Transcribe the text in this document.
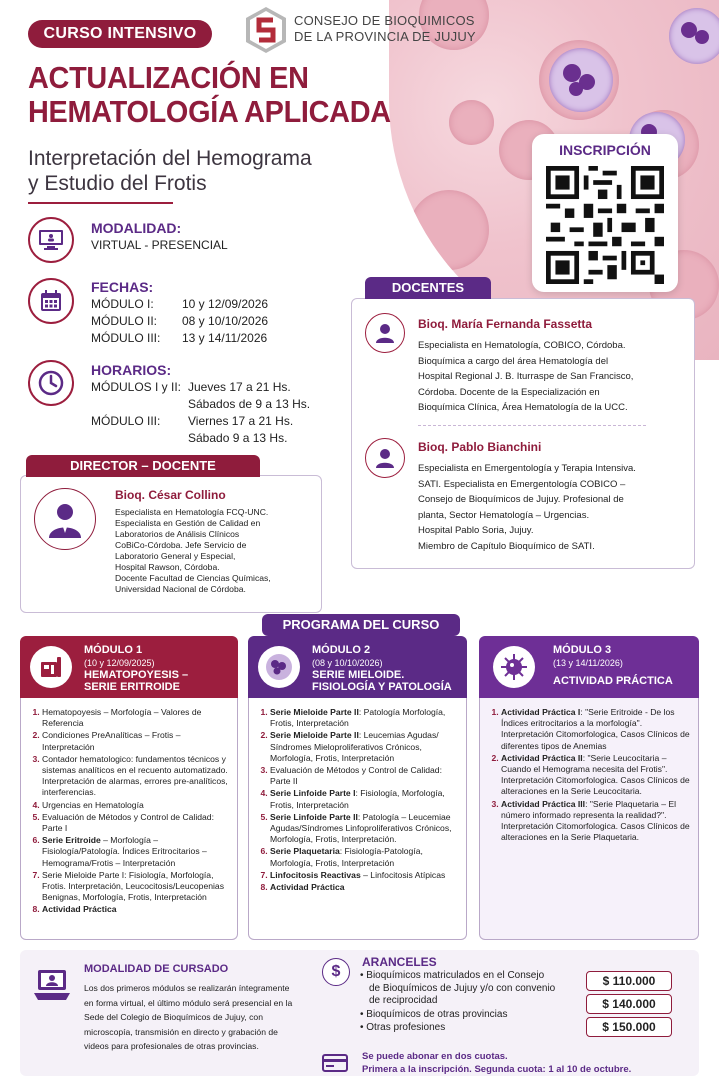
CURSO INTENSIVO
CONSEJO DE BIOQUIMICOS
DE LA PROVINCIA DE JUJUY
ACTUALIZACIÓN EN
HEMATOLOGÍA APLICADA
Interpretación del Hemograma
y Estudio del Frotis
INSCRIPCIÓN
MODALIDAD:
VIRTUAL - PRESENCIAL
FECHAS:
MÓDULO I: 10 y 12/09/2026
MÓDULO II: 08 y 10/10/2026
MÓDULO III: 13 y 14/11/2026
HORARIOS:
MÓDULOS I y II: Jueves 17 a 21 Hs.
Sábados de 9 a 13 Hs.
MÓDULO III: Viernes 17 a 21 Hs.
Sábado 9 a 13 Hs.
DOCENTES
Bioq. María Fernanda Fassetta
Especialista en Hematología, COBICO, Córdoba.
Bioquímica a cargo del área Hematología del
Hospital Regional J. B. Iturraspe de San Francisco,
Córdoba. Docente de la Especialización en
Bioquímica Clínica, Área Hematología de la UCC.
Bioq. Pablo Bianchini
Especialista en Emergentología y Terapia Intensiva.
SATI. Especialista en Emergentología COBICO –
Consejo de Bioquímicos de Jujuy. Profesional de
planta, Sector Hematología – Urgencias.
Hospital Pablo Soria, Jujuy.
Miembro de Capítulo Bioquímico de SATI.
DIRECTOR – DOCENTE
Bioq. César Collino
Especialista en Hematología FCQ-UNC.
Especialista en Gestión de Calidad en
Laboratorios de Análisis Clínicos
CoBiCo-Córdoba. Jefe Servicio de
Laboratorio General y Especial,
Hospital Rawson, Córdoba.
Docente Facultad de Ciencias Químicas,
Universidad Nacional de Córdoba.
PROGRAMA DEL CURSO
MÓDULO 1
(10 y 12/09/2025)
HEMATOPOYESIS –
SERIE ERITROIDE
1. Hematopoyesis – Morfología – Valores de Referencia
2. Condiciones PreAnalíticas – Frotis – Interpretación
3. Contador hematologico: fundamentos técnicos y sistemas analíticos en el recuento automatizado. Interpretación de alarmas, errores pre-analíticos, interferencias.
4. Urgencias en Hematología
5. Evaluación de Métodos y Control de Calidad: Parte I
6. Serie Eritroide – Morfología – Fisiología/Patología. Índices Eritrocitarios – Hemograma/Frotis – Interpretación
7. Serie Mieloide Parte I: Fisiología, Morfología, Frotis. Interpretación, Leucocitosis/Leucopenias Benignas, Morfología, Frotis, Interpretación
8. Actividad Práctica
MÓDULO 2
(08 y 10/10/2026)
SERIE MIELOIDE.
FISIOLOGÍA Y PATOLOGÍA
1. Serie Mieloide Parte II: Patología Morfología, Frotis, Interpretación
2. Serie Mieloide Parte II: Leucemias Agudas/ Síndromes Mieloproliferativos Crónicos, Morfología, Frotis, Interpretación
3. Evaluación de Métodos y Control de Calidad: Parte II
4. Serie Linfoide Parte I: Fisiología, Morfología, Frotis, Interpretación
5. Serie Linfoide Parte II: Patología – Leucemiae Agudas/Síndromes Linfoproliferativos Crónicos, Morfología, Frotis, Interpretación.
6. Serie Plaquetaria: Fisiología-Patología, Morfología, Frotis, Interpretación
7. Linfocitosis Reactivas – Linfocitosis Atípicas
8. Actividad Práctica
MÓDULO 3
(13 y 14/11/2026)
ACTIVIDAD PRÁCTICA
1. Actividad Práctica I: "Serie Eritroide - De los Índices eritrocitarios a la morfología". Interpretación Citomorfologica, Casos Clínicos de diferentes tipos de Anemias
2. Actividad Práctica II: "Serie Leucocitaria – Cuando el Hemograma necesita del Frotis". Interpretación Citomorfologica. Casos Clínicos de alteraciones en la Serie Leucocitaria.
3. Actividad Práctica III: "Serie Plaquetaria – El número informado representa la realidad?". Interpretación Citomorfologica. Casos Clínicos de alteraciones en la Serie Plaquetaria.
MODALIDAD DE CURSADO
Los dos primeros módulos se realizarán íntegramente
en forma virtual, el último módulo será presencial en la
Sede del Colegio de Bioquímicos de Jujuy, con
microscopía, transmisión en directo y grabación de
videos para profesionales de otras provincias.
$
ARANCELES
• Bioquímicos matriculados en el Consejo
de Bioquímicos de Jujuy y/o con convenio
de reciprocidad
• Bioquímicos de otras provincias
• Otras profesiones
$ 110.000
$ 140.000
$ 150.000
Se puede abonar en dos cuotas.
Primera a la inscripción. Segunda cuota: 1 al 10 de octubre.
